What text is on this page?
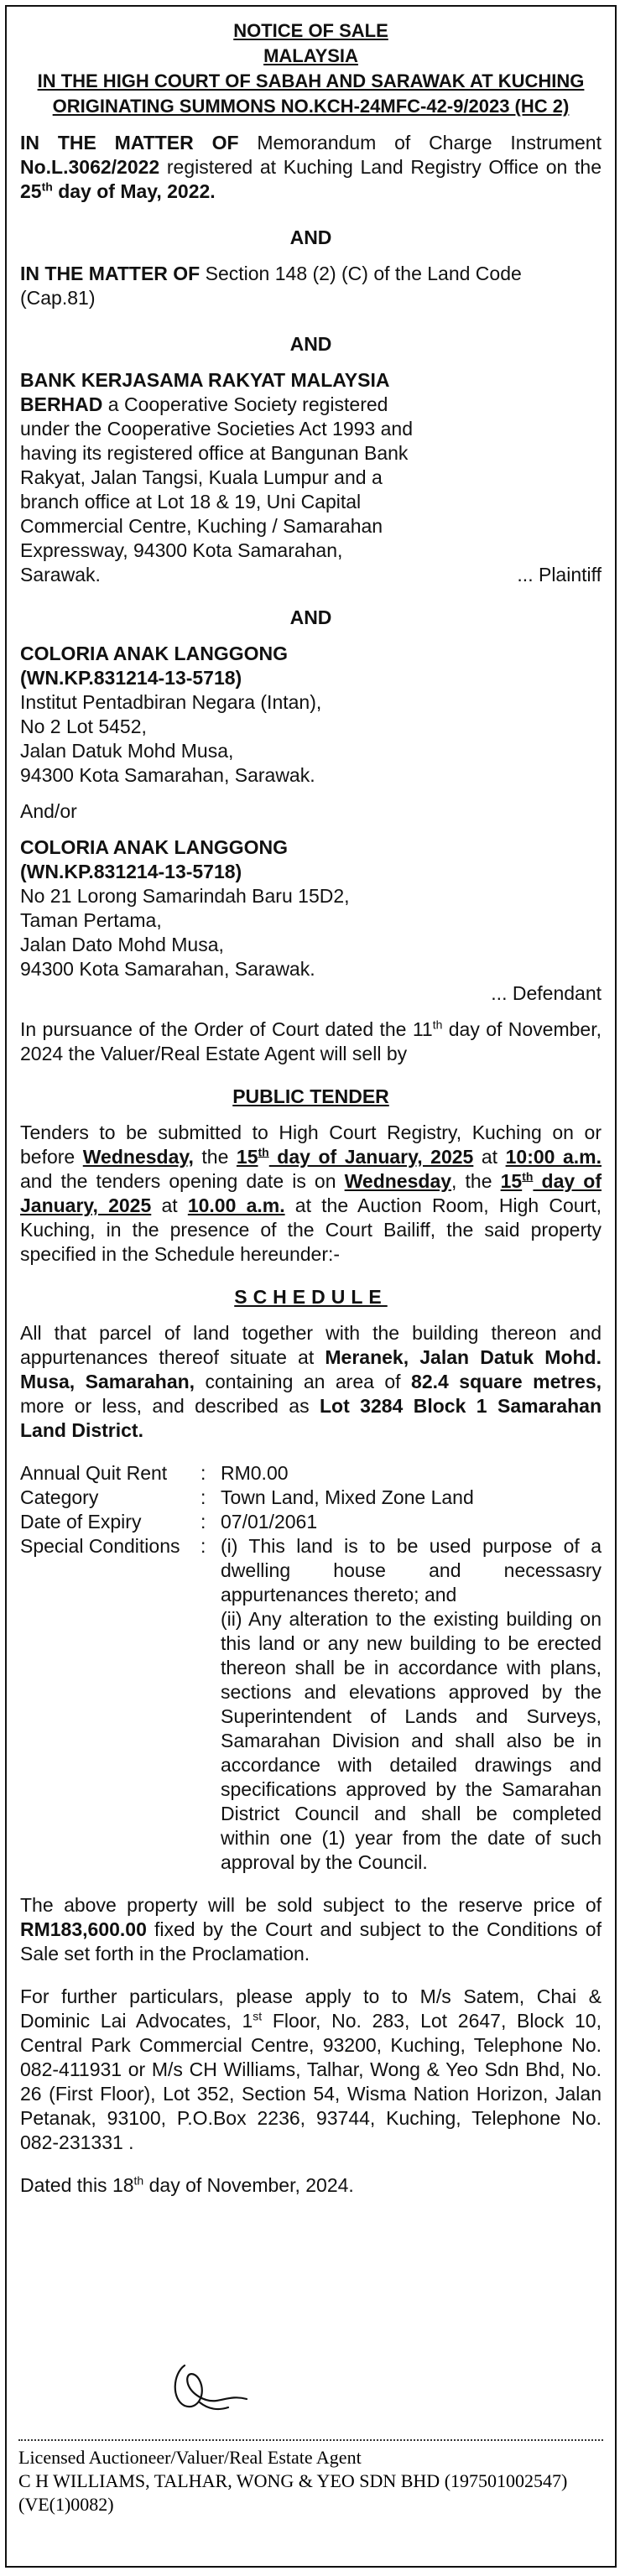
NOTICE OF SALE
MALAYSIA
IN THE HIGH COURT OF SABAH AND SARAWAK AT KUCHING
ORIGINATING SUMMONS NO.KCH-24MFC-42-9/2023 (HC 2)

IN THE MATTER OF Memorandum of Charge Instrument No.L.3062/2022 registered at Kuching Land Registry Office on the 25th day of May, 2022.

AND

IN THE MATTER OF Section 148 (2) (C) of the Land Code (Cap.81)

AND
BANK KERJASAMA RAKYAT MALAYSIA
BERHAD a Cooperative Society registered
under the Cooperative Societies Act 1993 and
having its registered office at Bangunan Bank
Rakyat, Jalan Tangsi, Kuala Lumpur and a
branch office at Lot 18 & 19, Uni Capital
Commercial Centre, Kuching / Samarahan
Expressway, 94300 Kota Samarahan,
Sarawak.	... Plaintiff
AND
COLORIA ANAK LANGGONG
(WN.KP.831214-13-5718)
Institut Pentadbiran Negara (Intan),
No 2 Lot 5452,
Jalan Datuk Mohd Musa,
94300 Kota Samarahan, Sarawak.
And/or
COLORIA ANAK LANGGONG
(WN.KP.831214-13-5718)
No 21 Lorong Samarindah Baru 15D2,
Taman Pertama,
Jalan Dato Mohd Musa,
94300 Kota Samarahan, Sarawak.
... Defendant

In pursuance of the Order of Court dated the 11th day of November, 2024 the Valuer/Real Estate Agent will sell by

PUBLIC TENDER

Tenders to be submitted to High Court Registry, Kuching on or before Wednesday, the 15th day of January, 2025 at 10:00 a.m. and the tenders opening date is on Wednesday, the 15th day of January, 2025 at 10.00 a.m. at the Auction Room, High Court, Kuching, in the presence of the Court Bailiff, the said property specified in the Schedule hereunder:-

SCHEDULE

All that parcel of land together with the building thereon and appurtenances thereof situate at Meranek, Jalan Datuk Mohd. Musa, Samarahan, containing an area of 82.4 square metres, more or less, and described as Lot 3284 Block 1 Samarahan Land District.

Annual Quit Rent	:	RM0.00
Category	:	Town Land, Mixed Zone Land
Date of Expiry	:	07/01/2061
Special Conditions	:	(i) This land is to be used purpose of a dwelling house and necessasry appurtenances thereto; and
(ii) Any alteration to the existing building on this land or any new building to be erected thereon shall be in accordance with plans, sections and elevations approved by the Superintendent of Lands and Surveys, Samarahan Division and shall also be in accordance with detailed drawings and specifications approved by the Samarahan District Council and shall be completed within one (1) year from the date of such approval by the Council.

The above property will be sold subject to the reserve price of RM183,600.00 fixed by the Court and subject to the Conditions of Sale set forth in the Proclamation.

For further particulars, please apply to to M/s Satem, Chai & Dominic Lai Advocates, 1st Floor, No. 283, Lot 2647, Block 10, Central Park Commercial Centre, 93200, Kuching, Telephone No. 082-411931 or M/s CH Williams, Talhar, Wong & Yeo Sdn Bhd, No. 26 (First Floor), Lot 352, Section 54, Wisma Nation Horizon, Jalan Petanak, 93100, P.O.Box 2236, 93744, Kuching, Telephone No. 082-231331 .

Dated this 18th day of November, 2024.

Licensed Auctioneer/Valuer/Real Estate Agent
C H WILLIAMS, TALHAR, WONG & YEO SDN BHD (197501002547)
(VE(1)0082)
